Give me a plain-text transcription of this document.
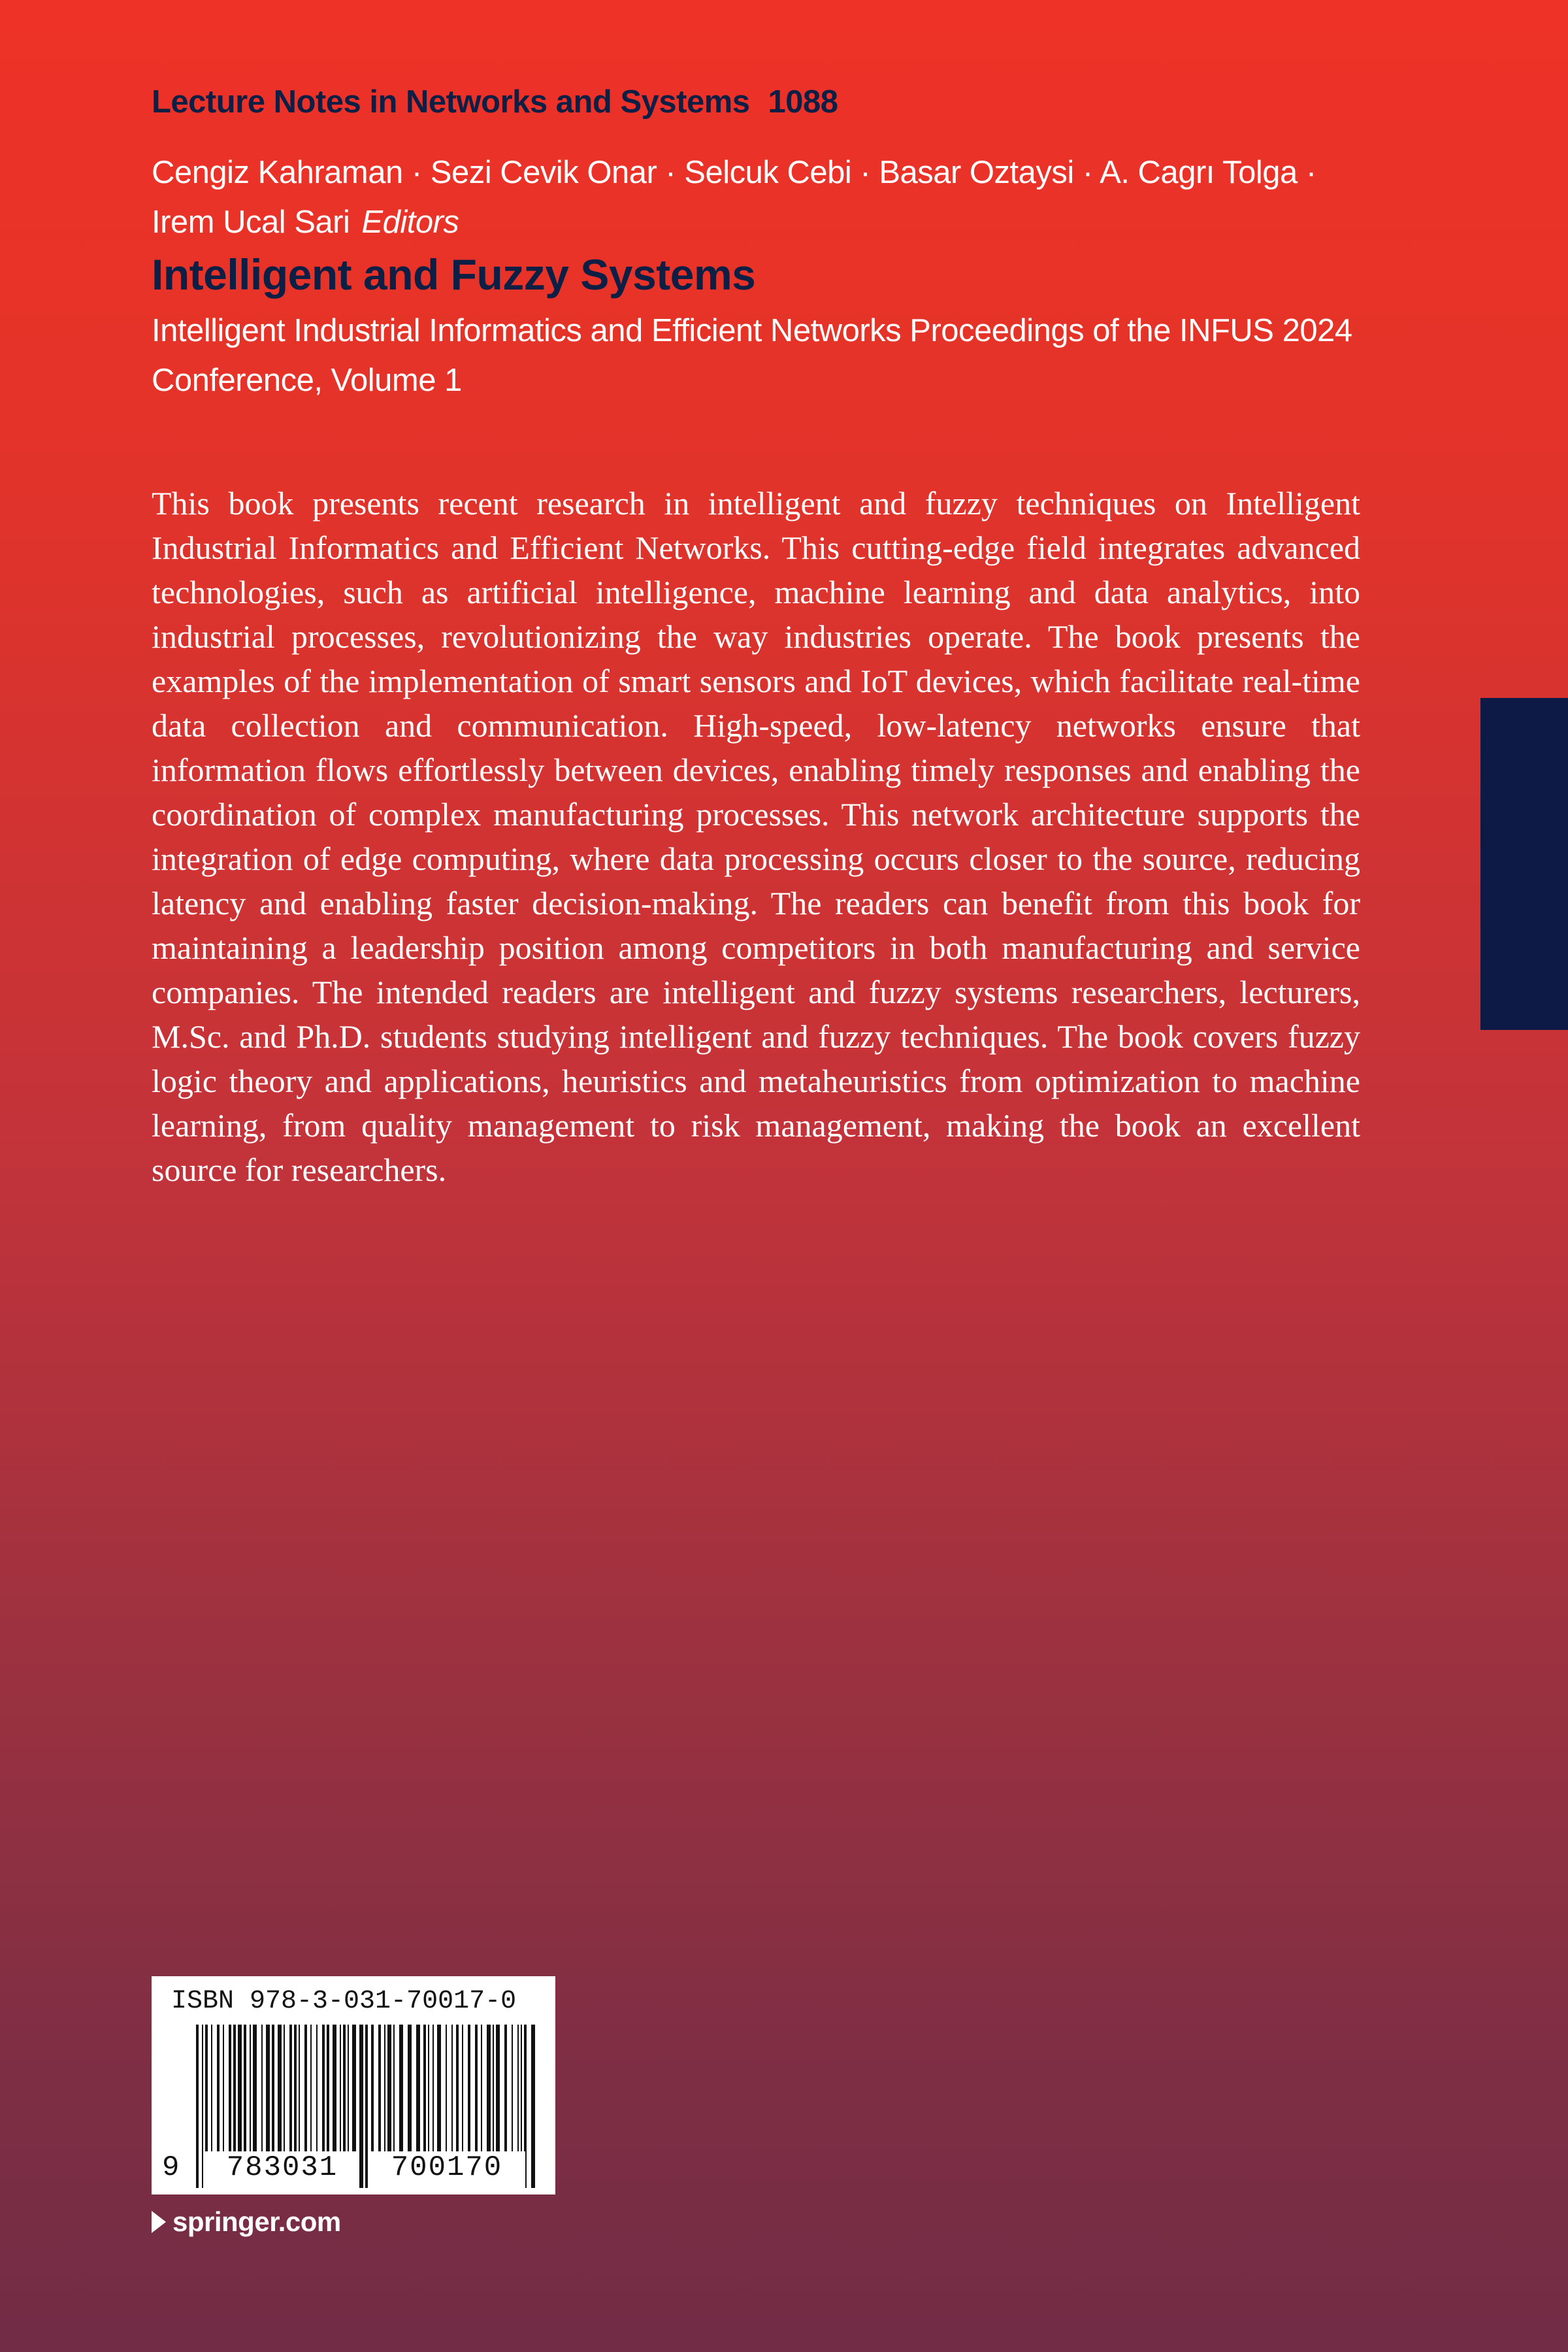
Lecture Notes in Networks and Systems 1088
Cengiz Kahraman · Sezi Cevik Onar · Selcuk Cebi · Basar Oztaysi · A. Cagrı Tolga ·
Irem Ucal Sari Editors
Intelligent and Fuzzy Systems
Intelligent Industrial Informatics and Efficient Networks Proceedings of the INFUS 2024 Conference, Volume 1
This book presents recent research in intelligent and fuzzy techniques on Intelligent Industrial Informatics and Efficient Networks. This cutting-edge field integrates advanced technologies, such as artificial intelligence, machine learning and data analytics, into industrial processes, revolutionizing the way industries operate. The book presents the examples of the implementation of smart sensors and IoT devices, which facilitate real-time data collection and communication. High-speed, low-latency networks ensure that information flows effortlessly between devices, enabling timely responses and enabling the coordination of complex manufacturing processes. This network architecture supports the integration of edge computing, where data processing occurs closer to the source, reducing latency and enabling faster decision-making. The readers can benefit from this book for maintaining a leadership position among competitors in both manufacturing and service companies. The intended readers are intelligent and fuzzy systems researchers, lecturers, M.Sc. and Ph.D. students studying intelligent and fuzzy techniques. The book covers fuzzy logic theory and applications, heuristics and metaheuristics from optimization to machine learning, from quality management to risk management, making the book an excellent source for researchers.
ISBN 978-3-031-70017-0
9	783031	700170
springer.com
